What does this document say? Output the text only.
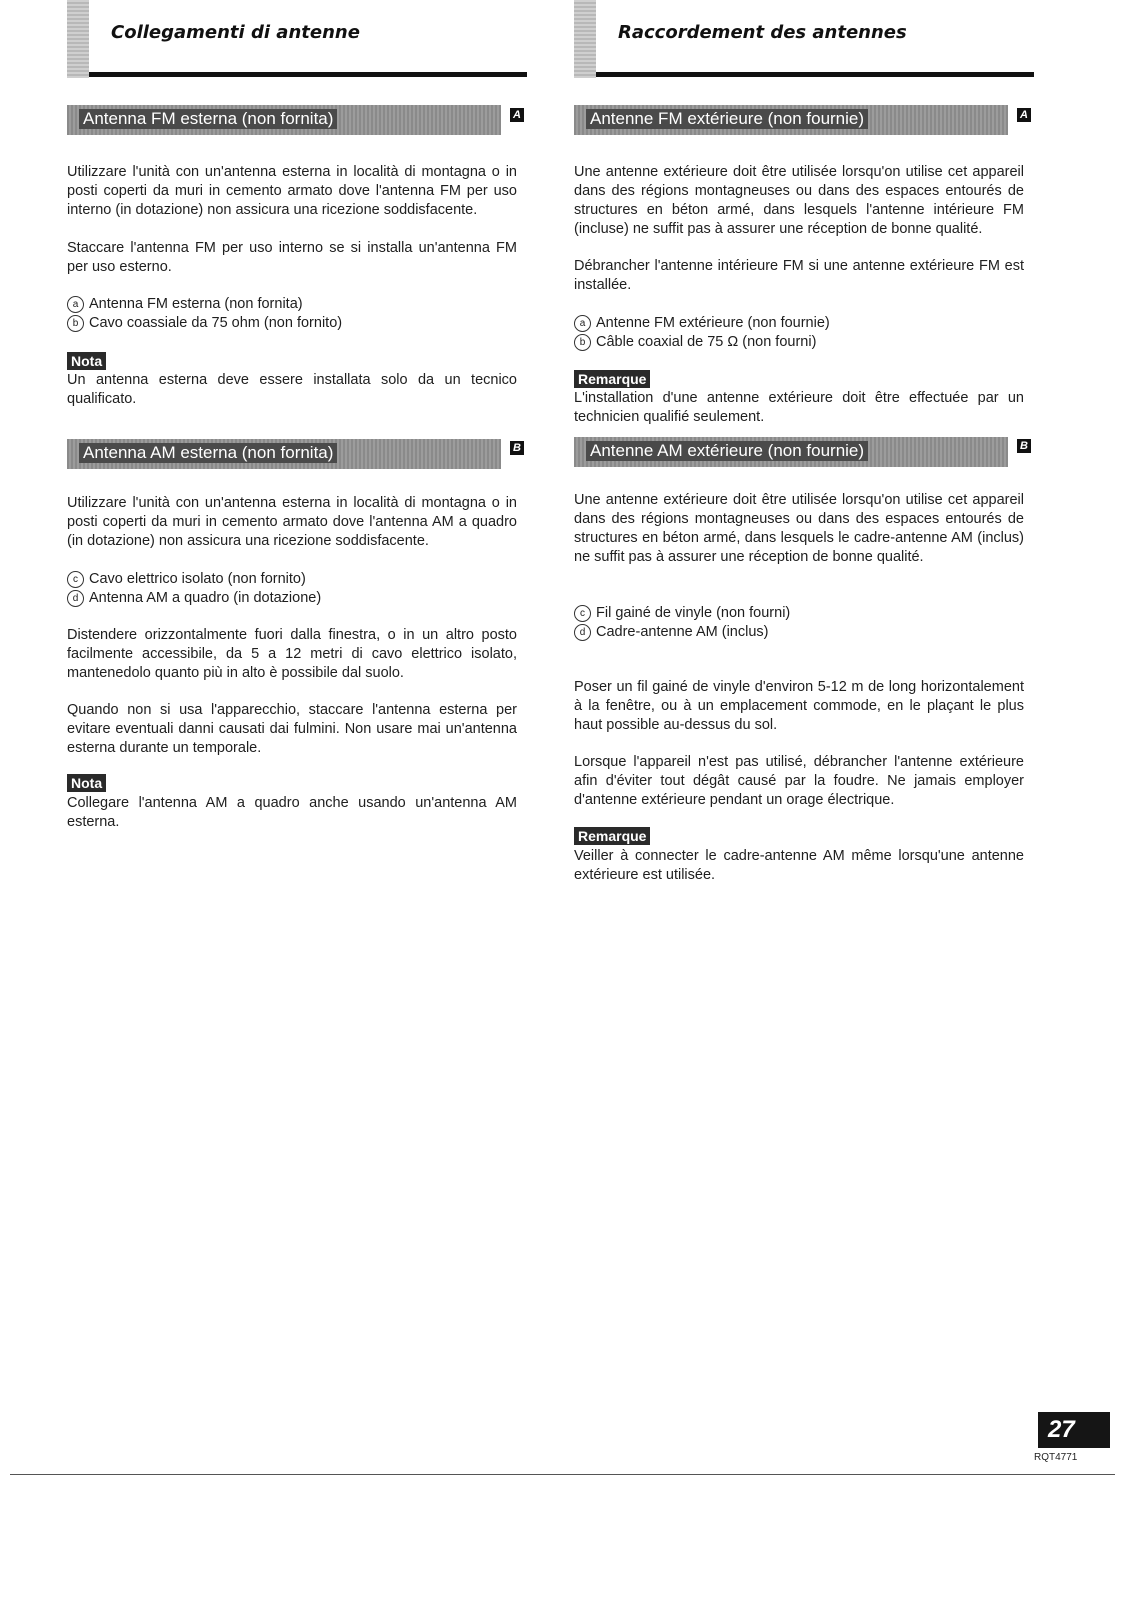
Collegamenti di antenne
Antenna FM esterna (non fornita)	A

Utilizzare l'unità con un'antenna esterna in località di montagna o in posti coperti da muri in cemento armato dove l'antenna FM per uso interno (in dotazione) non assicura una ricezione soddisfacente.

Staccare l'antenna FM per uso interno se si installa un'antenna FM per uso esterno.

a Antenna FM esterna (non fornita)
b Cavo coassiale da 75 ohm (non fornito)
Nota

Un antenna esterna deve essere installata solo da un tecnico qualificato.

Antenna AM esterna (non fornita)	B

Utilizzare l'unità con un'antenna esterna in località di montagna o in posti coperti da muri in cemento armato dove l'antenna AM a quadro (in dotazione) non assicura una ricezione soddisfacente.

c Cavo elettrico isolato (non fornito)
d Antenna AM a quadro (in dotazione)

Distendere orizzontalmente fuori dalla finestra, o in un altro posto facilmente accessibile, da 5 a 12 metri di cavo elettrico isolato, mantenedolo quanto più in alto è possibile dal suolo.

Quando non si usa l'apparecchio, staccare l'antenna esterna per evitare eventuali danni causati dai fulmini. Non usare mai un'antenna esterna durante un temporale.

Nota

Collegare l'antenna AM a quadro anche usando un'antenna AM esterna.

Raccordement des antennes
Antenne FM extérieure (non fournie)	A

Une antenne extérieure doit être utilisée lorsqu'on utilise cet appareil dans des régions montagneuses ou dans des espaces entourés de structures en béton armé, dans lesquels l'antenne intérieure FM (incluse) ne suffit pas à assurer une réception de bonne qualité.

Débrancher l'antenne intérieure FM si une antenne extérieure FM est installée.

a Antenne FM extérieure (non fournie)
b Câble coaxial de 75 Ω (non fourni)
Remarque

L'installation d'une antenne extérieure doit être effectuée par un technicien qualifié seulement.

Antenne AM extérieure (non fournie)	B

Une antenne extérieure doit être utilisée lorsqu'on utilise cet appareil dans des régions montagneuses ou dans des espaces entourés de structures en béton armé, dans lesquels le cadre-antenne AM (inclus) ne suffit pas à assurer une réception de bonne qualité.

c Fil gainé de vinyle (non fourni)
d Cadre-antenne AM (inclus)

Poser un fil gainé de vinyle d'environ 5-12 m de long horizontalement à la fenêtre, ou à un emplacement commode, en le plaçant le plus haut possible au-dessus du sol.

Lorsque l'appareil n'est pas utilisé, débrancher l'antenne extérieure afin d'éviter tout dégât causé par la foudre. Ne jamais employer d'antenne extérieure pendant un orage électrique.

Remarque

Veiller à connecter le cadre-antenne AM même lorsqu'une antenne extérieure est utilisée.

27
RQT4771
